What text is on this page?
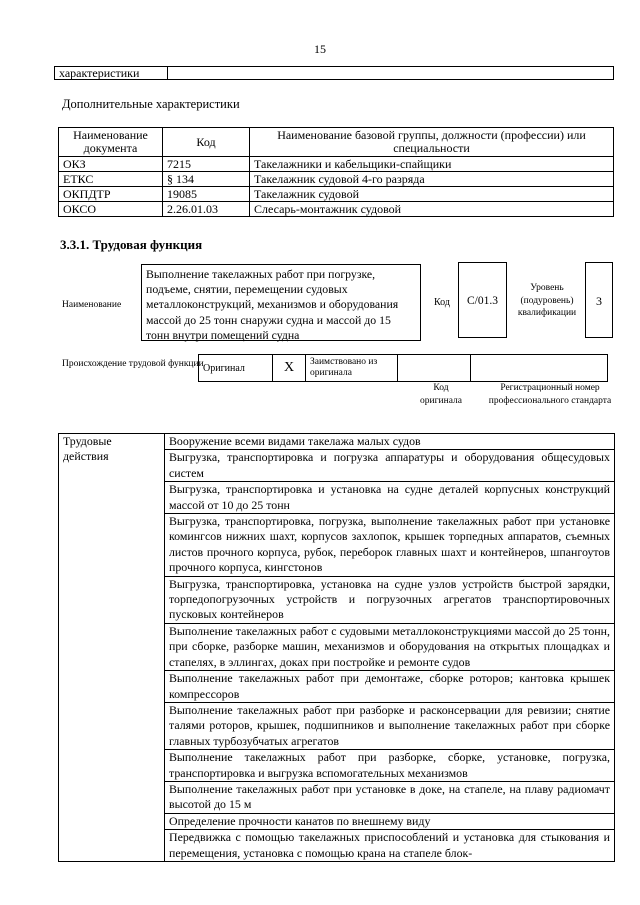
15
характеристики	
Дополнительные характеристики
Наименование документа	Код	Наименование базовой группы, должности (профессии) или специальности
ОКЗ	7215	Такелажники и кабельщики-спайщики
ЕТКС	§ 134	Такелажник судовой 4-го разряда
ОКПДТР	19085	Такелажник судовой
ОКСО	2.26.01.03	Слесарь-монтажник судовой
3.3.1. Трудовая функция
Наименование
Выполнение такелажных работ при погрузке, подъеме, снятии, перемещении судовых металлоконструкций, механизмов и оборудования массой до 25 тонн снаружи судна и массой до 15 тонн внутри помещений судна
Код	С/01.3
Уровень (подуровень) квалификации
3
Происхождение трудовой функции Оригинал	X	Заимствовано из оригинала		
Код оригинала
Регистрационный номер профессионального стандарта
Трудовые действия	Вооружение всеми видами такелажа малых судов
Выгрузка, транспортировка и погрузка аппаратуры и оборудования общесудовых систем
Выгрузка, транспортировка и установка на судне деталей корпусных конструкций массой от 10 до 25 тонн
Выгрузка, транспортировка, погрузка, выполнение такелажных работ при установке комингсов нижних шахт, корпусов захлопок, крышек торпедных аппаратов, съемных листов прочного корпуса, рубок, переборок главных шахт и контейнеров, шпангоутов прочного корпуса, кингстонов
Выгрузка, транспортировка, установка на судне узлов устройств быстрой зарядки, торпедопогрузочных устройств и погрузочных агрегатов транспортировочных пусковых контейнеров
Выполнение такелажных работ с судовыми металлоконструкциями массой до 25 тонн, при сборке, разборке машин, механизмов и оборудования на открытых площадках и стапелях, в эллингах, доках при постройке и ремонте судов
Выполнение такелажных работ при демонтаже, сборке роторов; кантовка крышек компрессоров
Выполнение такелажных работ при разборке и расконсервации для ревизии; снятие талями роторов, крышек, подшипников и выполнение такелажных работ при сборке главных турбозубчатых агрегатов
Выполнение такелажных работ при разборке, сборке, установке, погрузка, транспортировка и выгрузка вспомогательных механизмов
Выполнение такелажных работ при установке в доке, на стапеле, на плаву радиомачт высотой до 15 м
Определение прочности канатов по внешнему виду
Передвижка с помощью такелажных приспособлений и установка для стыкования и перемещения, установка с помощью крана на стапеле блок-
